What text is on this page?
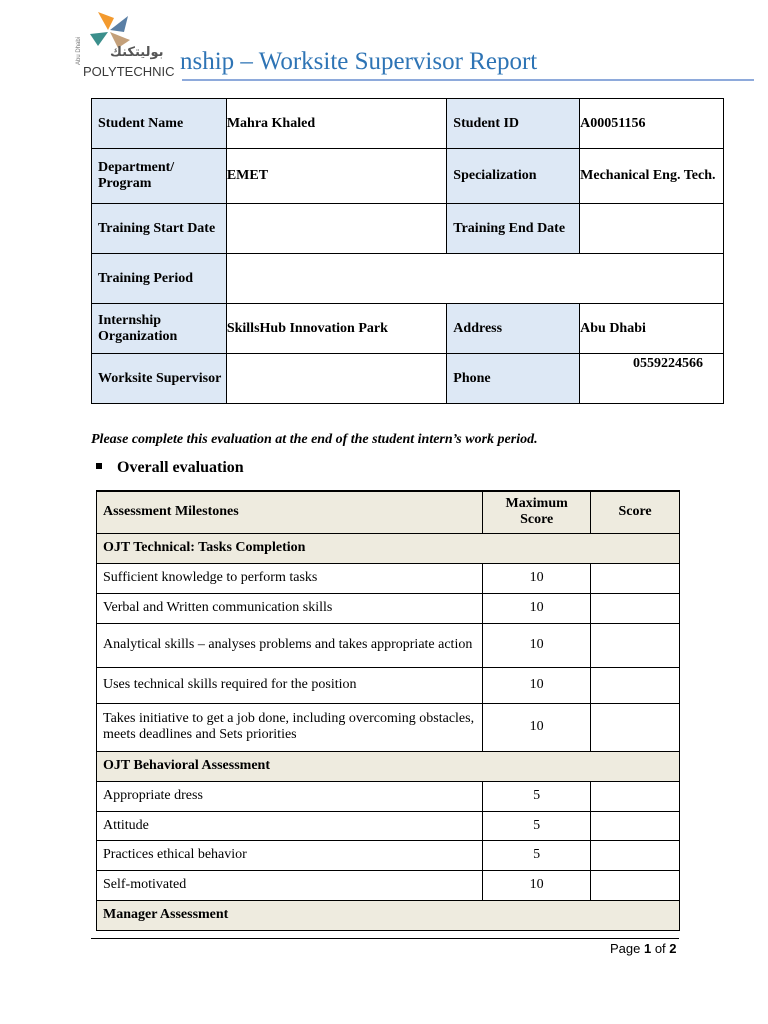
بوليتكنك
POLYTECHNIC
Abu Dhabi	nship – Worksite Supervisor Report
Student Name	Mahra Khaled	Student ID	A00051156
Department/ Program	EMET	Specialization	Mechanical Eng. Tech.
Training Start Date		Training End Date	
Training Period			
Internship Organization	SkillsHub Innovation Park	Address	Abu Dhabi
Worksite Supervisor		Phone	0559224566
Please complete this evaluation at the end of the student intern’s work period.
Overall evaluation
Assessment Milestones	Maximum Score	Score
OJT Technical: Tasks Completion		
Sufficient knowledge to perform tasks	10	
Verbal and Written communication skills	10	
Analytical skills – analyses problems and takes appropriate action	10	
Uses technical skills required for the position	10	
Takes initiative to get a job done, including overcoming obstacles, meets deadlines and Sets priorities	10	
OJT Behavioral Assessment		
Appropriate dress	5	
Attitude	5	
Practices ethical behavior	5	
Self-motivated	10	
Manager Assessment		
Page 1 of 2
